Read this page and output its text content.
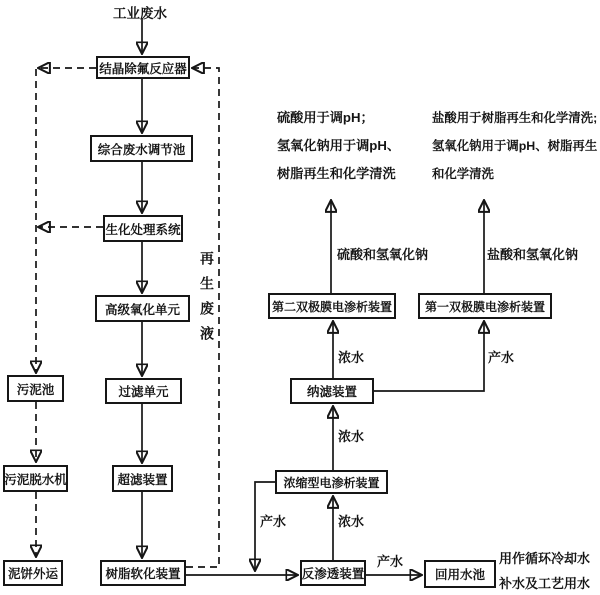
工业废水
结晶除氟反应器
综合废水调节池
生化处理系统
高级氧化单元
过滤单元
超滤装置
树脂软化装置
污泥池
污泥脱水机
泥饼外运
第二双极膜电渗析装置	第一双极膜电渗析装置
纳滤装置
浓缩型电渗析装置
反渗透装置	回用水池
再生废液	硫酸和氢氧化钠	盐酸和氢氧化钠
浓水	产水
浓水
产水	浓水
产水
硫酸用于调pH；
氢氧化钠用于调pH、
树脂再生和化学清洗
盐酸用于树脂再生和化学清洗;
氢氧化钠用于调pH、树脂再生
和化学清洗
用作循环冷却水
补水及工艺用水
